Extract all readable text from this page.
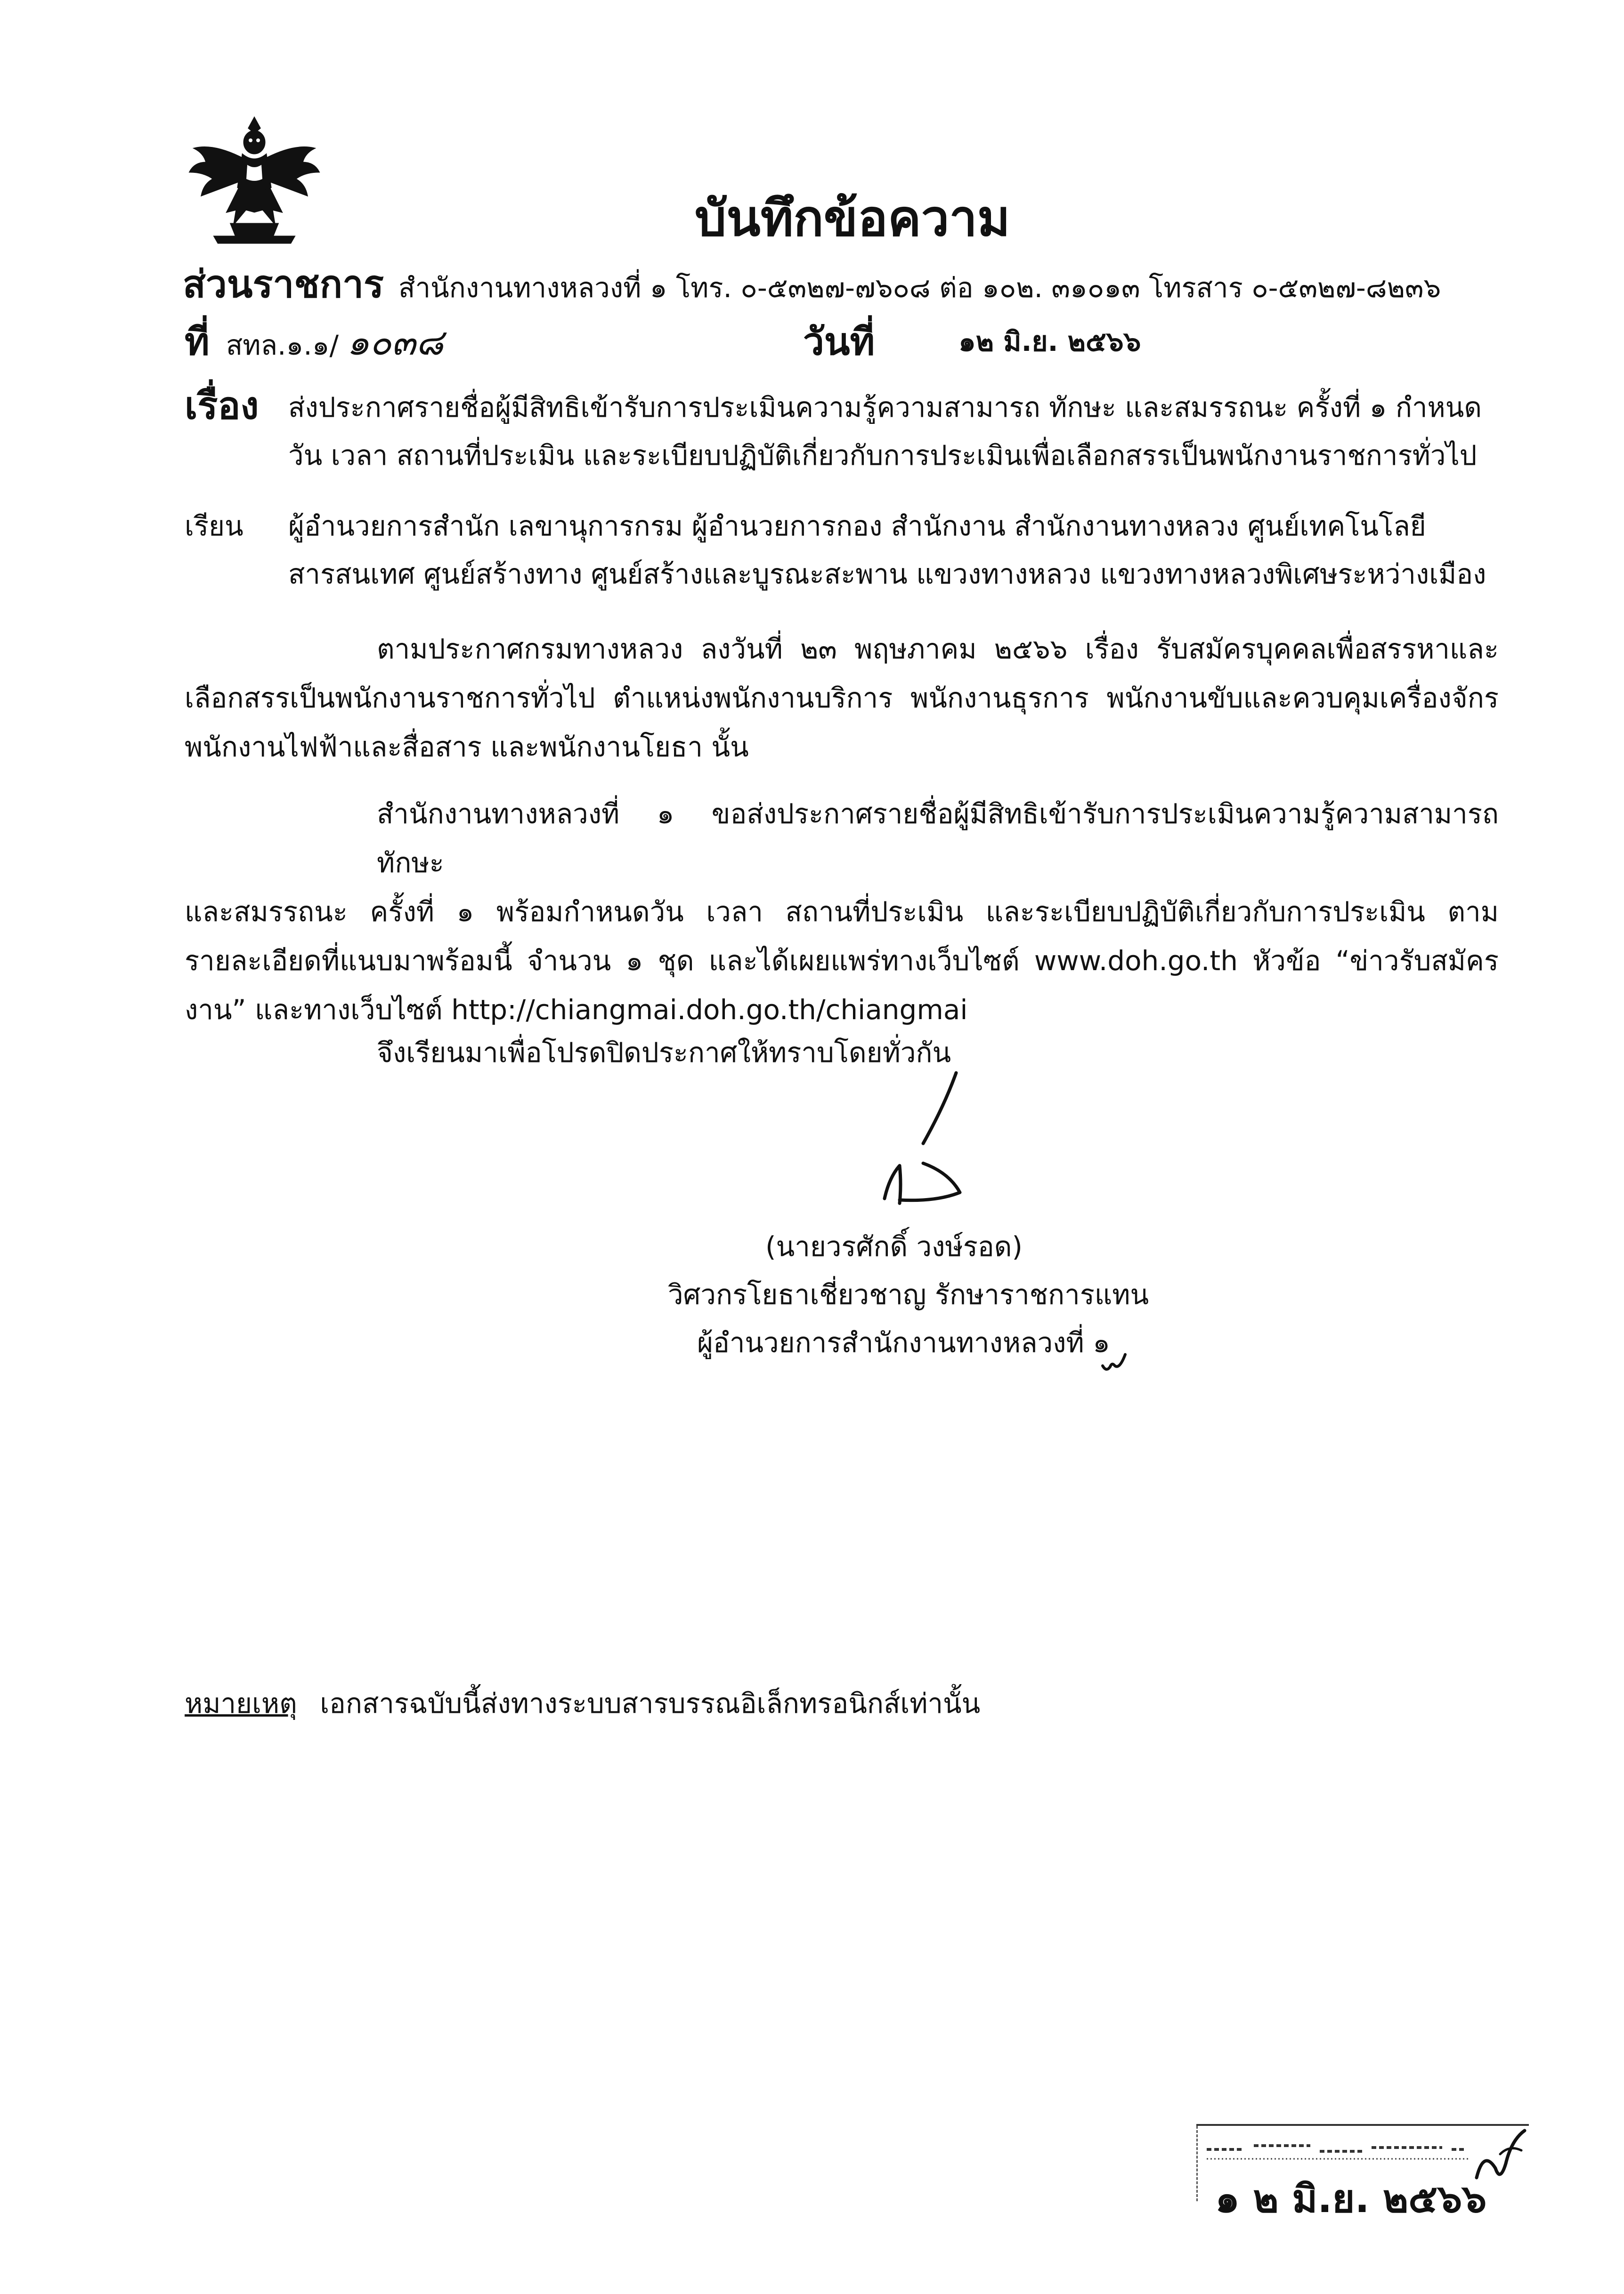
บันทึกข้อความ
ส่วนราชการ สำนักงานทางหลวงที่ ๑ โทร. ๐-๕๓๒๗-๗๖๐๘ ต่อ ๑๐๒. ๓๑๐๑๓ โทรสาร ๐-๕๓๒๗-๘๒๓๖
ที่ สทล.๑.๑/ ๑๐๓๘	วันที่	๑๒ มิ.ย. ๒๕๖๖
เรื่อง ส่งประกาศรายชื่อผู้มีสิทธิเข้ารับการประเมินความรู้ความสามารถ ทักษะ และสมรรถนะ ครั้งที่ ๑ กำหนด
วัน เวลา สถานที่ประเมิน และระเบียบปฏิบัติเกี่ยวกับการประเมินเพื่อเลือกสรรเป็นพนักงานราชการทั่วไป
เรียน ผู้อำนวยการสำนัก เลขานุการกรม ผู้อำนวยการกอง สำนักงาน สำนักงานทางหลวง ศูนย์เทคโนโลยี
สารสนเทศ ศูนย์สร้างทาง ศูนย์สร้างและบูรณะสะพาน แขวงทางหลวง แขวงทางหลวงพิเศษระหว่างเมือง
ตามประกาศกรมทางหลวง ลงวันที่ ๒๓ พฤษภาคม ๒๕๖๖ เรื่อง รับสมัครบุคคลเพื่อสรรหาและ
เลือกสรรเป็นพนักงานราชการทั่วไป ตำแหน่งพนักงานบริการ พนักงานธุรการ พนักงานขับและควบคุมเครื่องจักร
พนักงานไฟฟ้าและสื่อสาร และพนักงานโยธา นั้น
สำนักงานทางหลวงที่ ๑ ขอส่งประกาศรายชื่อผู้มีสิทธิเข้ารับการประเมินความรู้ความสามารถ ทักษะ
และสมรรถนะ ครั้งที่ ๑ พร้อมกำหนดวัน เวลา สถานที่ประเมิน และระเบียบปฏิบัติเกี่ยวกับการประเมิน ตาม
รายละเอียดที่แนบมาพร้อมนี้ จำนวน ๑ ชุด และได้เผยแพร่ทางเว็บไซต์ www.doh.go.th หัวข้อ “ข่าวรับสมัคร
งาน” และทางเว็บไซต์ http://chiangmai.doh.go.th/chiangmai
จึงเรียนมาเพื่อโปรดปิดประกาศให้ทราบโดยทั่วกัน
(นายวรศักดิ์ วงษ์รอด)
วิศวกรโยธาเชี่ยวชาญ รักษาราชการแทน
ผู้อำนวยการสำนักงานทางหลวงที่ ๑
หมายเหตุ เอกสารฉบับนี้ส่งทางระบบสารบรรณอิเล็กทรอนิกส์เท่านั้น
๑ ๒ มิ.ย. ๒๕๖๖
